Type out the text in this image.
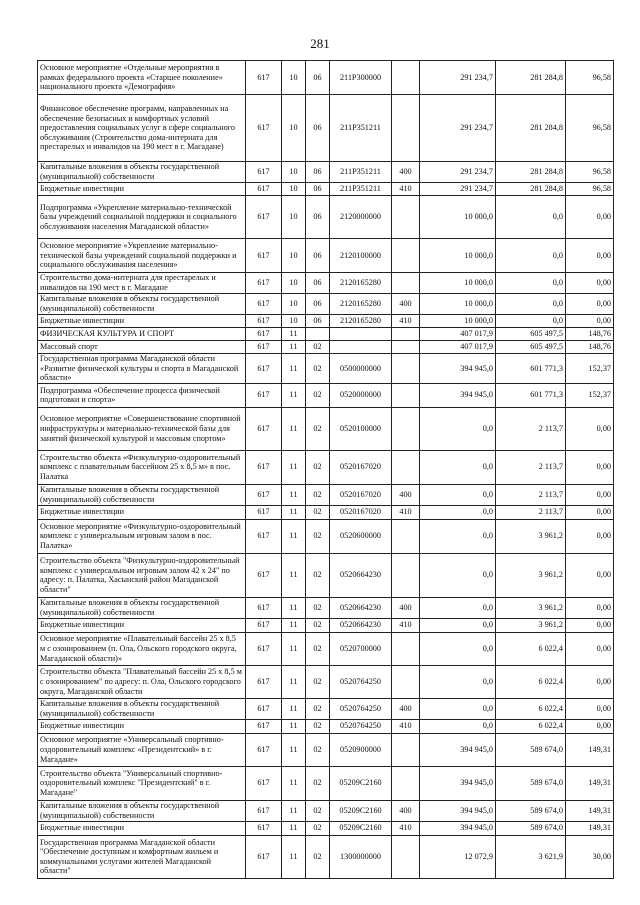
281
Основное мероприятие «Отдельные мероприятия в рамках федерального проекта «Старшее поколение» национального проекта «Демография»	617	10	06	211P300000		291 234,7	281 284,8	96,58
Финансовое обеспечение программ, направленных на обеспечение безопасных и комфортных условий предоставления социальных услуг в сфере социального обслуживания (Строительство дома-интерната для престарелых и инвалидов на 190 мест в г. Магадане)	617	10	06	211P351211		291 234,7	281 284,8	96,58
Капитальные вложения в объекты государственной (муниципальной) собственности	617	10	06	211P351211	400	291 234,7	281 284,8	96,58
Бюджетные инвестиции	617	10	06	211P351211	410	291 234,7	281 284,8	96,58
Подпрограмма «Укрепление материально-технической базы учреждений социальной поддержки и социального обслуживания населения Магаданской области»	617	10	06	2120000000		10 000,0	0,0	0,00
Основное мероприятие «Укрепление материально-технической базы учреждений социальной поддержки и социального обслуживания населения»	617	10	06	2120100000		10 000,0	0,0	0,00
Строительство дома-интерната для престарелых и инвалидов на 190 мест в г. Магадане	617	10	06	2120165280		10 000,0	0,0	0,00
Капитальные вложения в объекты государственной (муниципальной) собственности	617	10	06	2120165280	400	10 000,0	0,0	0,00
Бюджетные инвестиции	617	10	06	2120165280	410	10 000,0	0,0	0,00
ФИЗИЧЕСКАЯ КУЛЬТУРА И СПОРТ	617	11				407 017,9	605 497,5	148,76
Массовый спорт	617	11	02			407 017,9	605 497,5	148,76
Государственная программа Магаданской области «Развитие физической культуры и спорта в Магаданской области»	617	11	02	0500000000		394 945,0	601 771,3	152,37
Подпрограмма «Обеспечение процесса физической подготовки и спорта»	617	11	02	0520000000		394 945,0	601 771,3	152,37
Основное мероприятие «Совершенствование спортивной инфраструктуры и материально-технической базы для занятий физической культурой и массовым спортом»	617	11	02	0520100000		0,0	2 113,7	0,00
Строительство объекта «Физкультурно-оздоровительный комплекс с плавательным бассейном 25 х 8,5 м» в пос. Палатка	617	11	02	0520167020		0,0	2 113,7	0,00
Капитальные вложения в объекты государственной (муниципальной) собственности	617	11	02	0520167020	400	0,0	2 113,7	0,00
Бюджетные инвестиции	617	11	02	0520167020	410	0,0	2 113,7	0,00
Основное мероприятие «Физкультурно-оздоровительный комплекс с универсальным игровым залом в пос. Палатка»	617	11	02	0520600000		0,0	3 961,2	0,00
Строительство объекта "Физкультурно-оздоровительный комплекс с универсальным игровым залом 42 х 24" по адресу: п. Палатка, Хасынский район Магаданской области"	617	11	02	0520664230		0,0	3 961,2	0,00
Капитальные вложения в объекты государственной (муниципальной) собственности	617	11	02	0520664230	400	0,0	3 961,2	0,00
Бюджетные инвестиции	617	11	02	0520664230	410	0,0	3 961,2	0,00
Основное мероприятие «Плавательный бассейн 25 х 8,5 м с озонированием (п. Ола, Ольского городского округа, Магаданской области)»	617	11	02	0520700000		0,0	6 022,4	0,00
Строительство объекта "Плавательный бассейн 25 х 8,5 м с озонированием" по адресу: п. Ола, Ольского городского округа, Магаданской области	617	11	02	0520764250		0,0	6 022,4	0,00
Капитальные вложения в объекты государственной (муниципальной) собственности	617	11	02	0520764250	400	0,0	6 022,4	0,00
Бюджетные инвестиции	617	11	02	0520764250	410	0,0	6 022,4	0,00
Основное мероприятие «Универсальный спортивно-оздоровительный комплекс «Президентский» в г. Магадане»	617	11	02	0520900000		394 945,0	589 674,0	149,31
Строительство объекта "Универсальный спортивно-оздоровительный комплекс "Президентский" в г. Магадане"	617	11	02	05209С2160		394 945,0	589 674,0	149,31
Капитальные вложения в объекты государственной (муниципальной) собственности	617	11	02	05209С2160	400	394 945,0	589 674,0	149,31
Бюджетные инвестиции	617	11	02	05209С2160	410	394 945,0	589 674,0	149,31
Государственная программа Магаданской области "Обеспечение доступным и комфортным жильем и коммунальными услугами жителей Магаданской области"	617	11	02	1300000000		12 072,9	3 621,9	30,00
